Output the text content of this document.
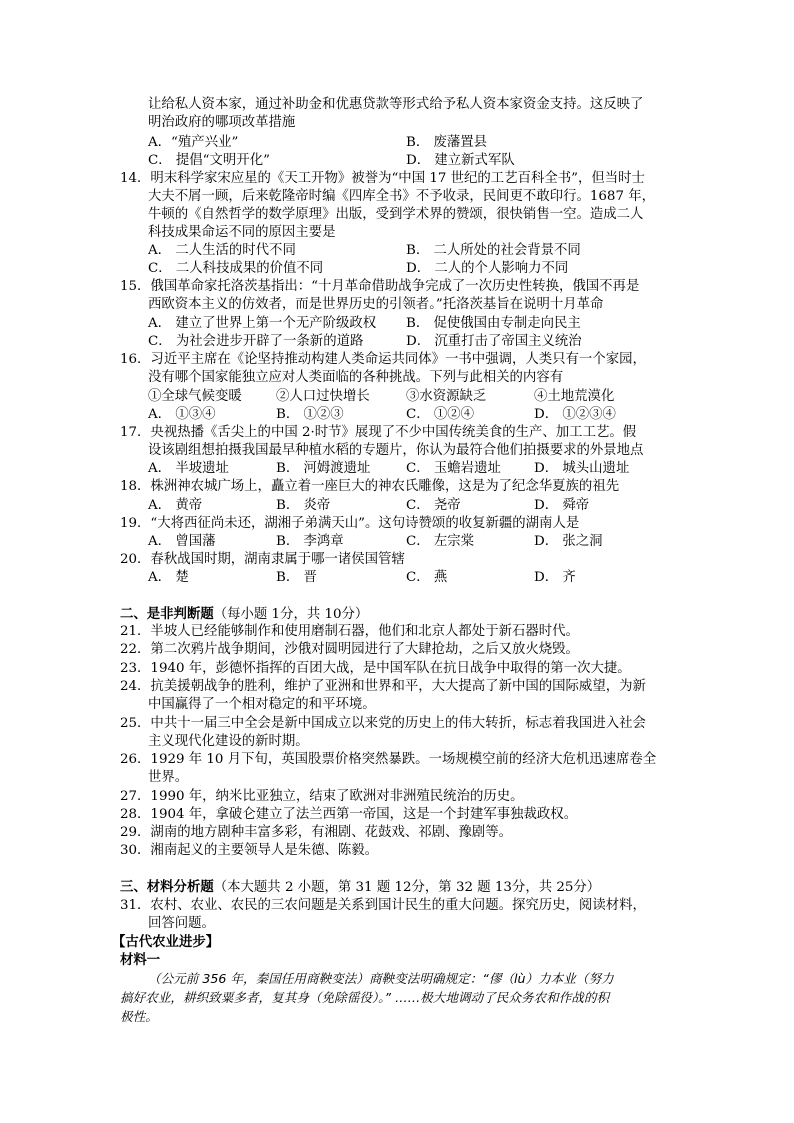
让给私人资本家，通过补助金和优惠贷款等形式给予私人资本家资金支持。这反映了
明治政府的哪项改革措施
A．“殖产兴业”	B． 废藩置县
C． 提倡“文明开化”	D． 建立新式军队
14．明末科学家宋应星的《天工开物》被誉为“中国 17 世纪的工艺百科全书”，但当时士
大夫不屑一顾，后来乾隆帝时编《四库全书》不予收录，民间更不敢印行。1687 年，
牛顿的《自然哲学的数学原理》出版，受到学术界的赞颂，很快销售一空。造成二人
科技成果命运不同的原因主要是
A． 二人生活的时代不同	B． 二人所处的社会背景不同
C． 二人科技成果的价值不同	D． 二人的个人影响力不同
15．俄国革命家托洛茨基指出：“十月革命借助战争完成了一次历史性转换，俄国不再是
西欧资本主义的仿效者，而是世界历史的引领者。”托洛茨基旨在说明十月革命
A． 建立了世界上第一个无产阶级政权 B． 促使俄国由专制走向民主
C． 为社会进步开辟了一条新的道路	D． 沉重打击了帝国主义统治
16．习近平主席在《论坚持推动构建人类命运共同体》一书中强调，人类只有一个家园，
没有哪个国家能独立应对人类面临的各种挑战。下列与此相关的内容有
①全球气候变暖	②人口过快增长	③水资源缺乏	④土地荒漠化
A． ①③④	B． ①②③	C． ①②④	D． ①②③④
17．央视热播《舌尖上的中国 2·时节》展现了不少中国传统美食的生产、加工工艺。假
设该剧组想拍摄我国最早种植水稻的专题片，你认为最符合他们拍摄要求的外景地点
A． 半坡遗址	B． 河姆渡遗址	C． 玉蟾岩遗址 D． 城头山遗址
18．株洲神农城广场上，矗立着一座巨大的神农氏雕像，这是为了纪念华夏族的祖先
A． 黄帝	B． 炎帝	C． 尧帝	D． 舜帝
19．“大将西征尚未还，湖湘子弟满天山”。这句诗赞颂的收复新疆的湖南人是
A． 曾国藩	B． 李鸿章	C． 左宗棠	D． 张之洞
20．春秋战国时期，湖南隶属于哪一诸侯国管辖
A． 楚	B． 晋	C． 燕	D． 齐
二、是非判断题（每小题 1分，共 10分）
21．半坡人已经能够制作和使用磨制石器，他们和北京人都处于新石器时代。
22．第二次鸦片战争期间，沙俄对圆明园进行了大肆抢劫，之后又放火烧毁。
23．1940 年，彭德怀指挥的百团大战，是中国军队在抗日战争中取得的第一次大捷。
24．抗美援朝战争的胜利，维护了亚洲和世界和平，大大提高了新中国的国际威望，为新
中国赢得了一个相对稳定的和平环境。
25．中共十一届三中全会是新中国成立以来党的历史上的伟大转折，标志着我国进入社会
主义现代化建设的新时期。
26．1929 年 10 月下旬，英国股票价格突然暴跌。一场规模空前的经济大危机迅速席卷全
世界。
27．1990 年，纳米比亚独立，结束了欧洲对非洲殖民统治的历史。
28．1904 年，拿破仑建立了法兰西第一帝国，这是一个封建军事独裁政权。
29．湖南的地方剧种丰富多彩，有湘剧、花鼓戏、祁剧、豫剧等。
30．湘南起义的主要领导人是朱德、陈毅。
三、材料分析题（本大题共 2 小题，第 31 题 12分，第 32 题 13分，共 25分）
31．农村、农业、农民的三农问题是关系到国计民生的重大问题。探究历史，阅读材料，
回答问题。
【古代农业进步】
材料一
（公元前 356 年，秦国任用商鞅变法）商鞅变法明确规定：“僇（lù）力本业（努力
搞好农业，耕织致粟多者，复其身（免除徭役）。” ……极大地调动了民众务农和作战的积
极性。
